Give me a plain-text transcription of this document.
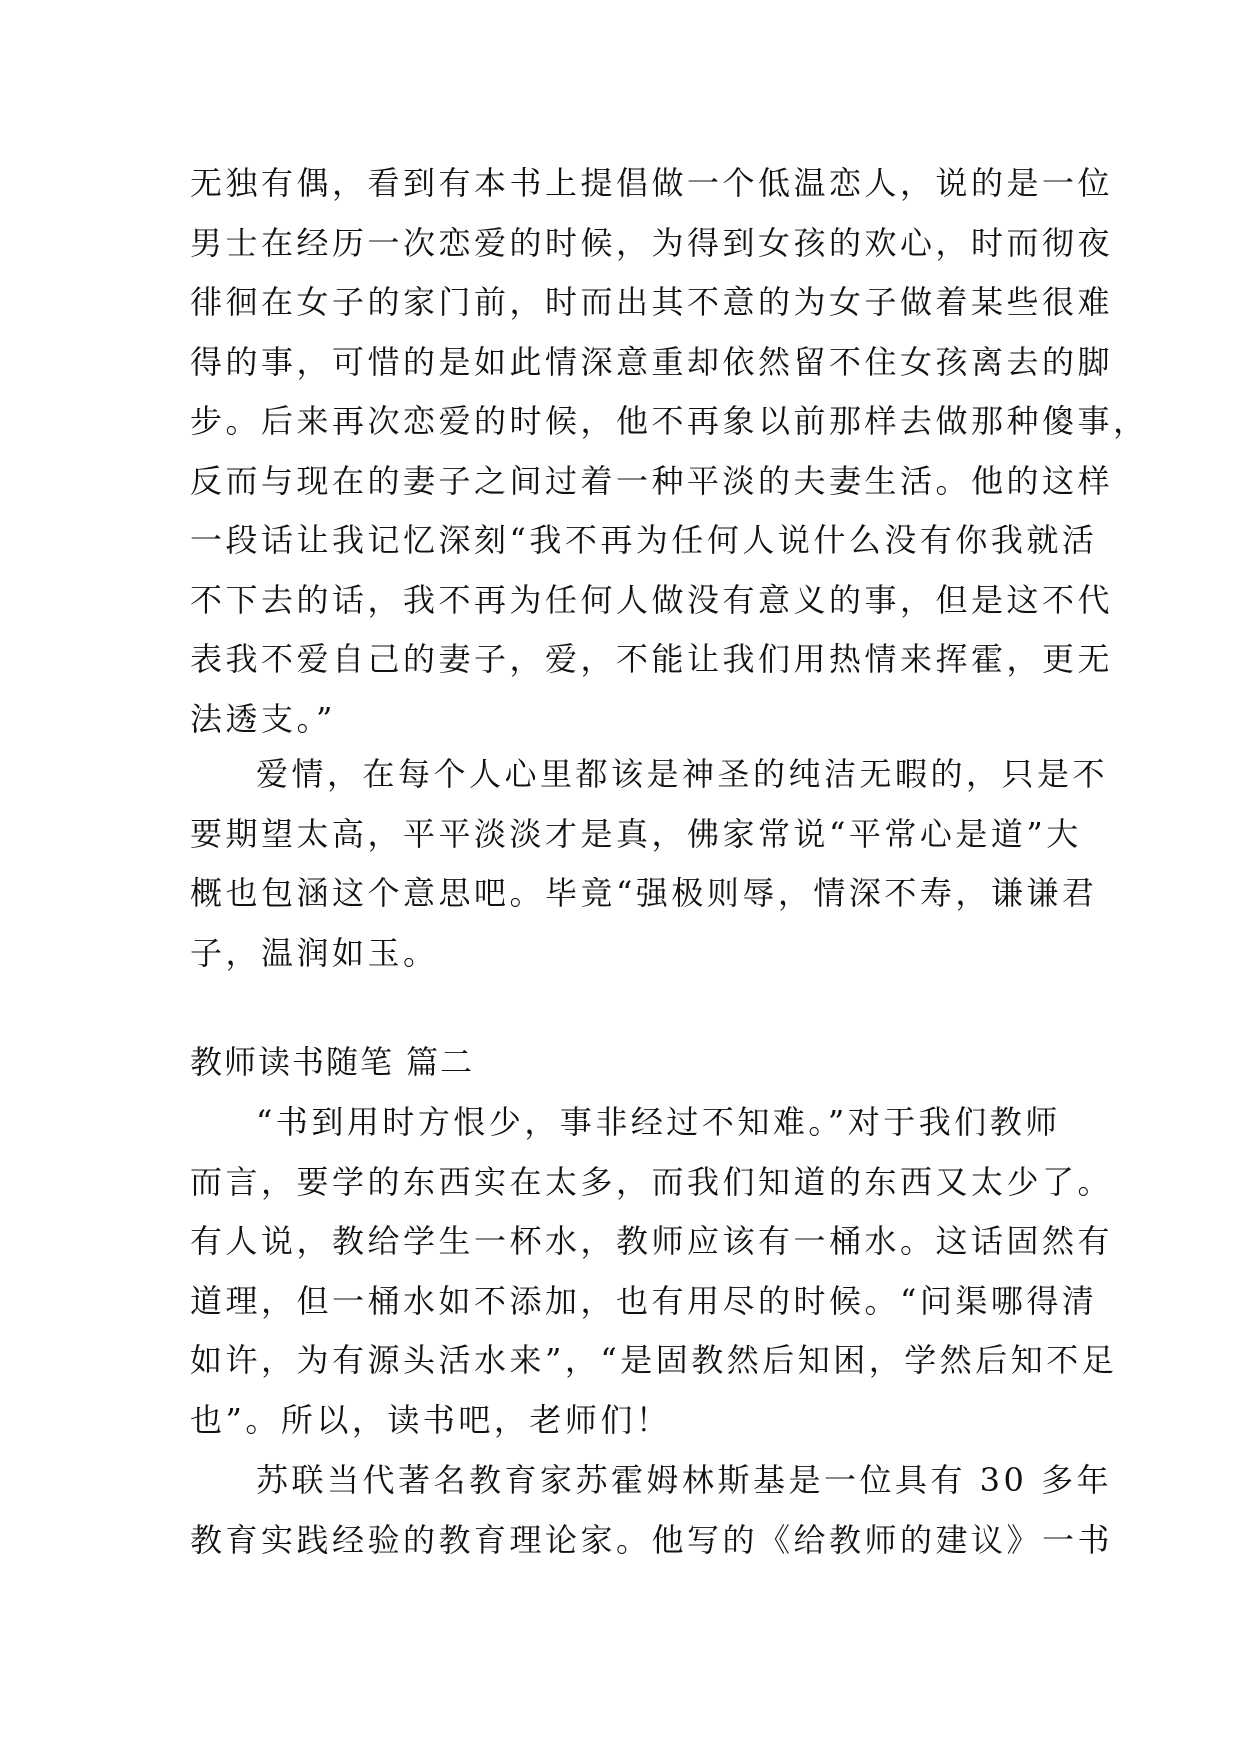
无独有偶，看到有本书上提倡做一个低温恋人，说的是一位
男士在经历一次恋爱的时候，为得到女孩的欢心，时而彻夜
徘徊在女子的家门前，时而出其不意的为女子做着某些很难
得的事，可惜的是如此情深意重却依然留不住女孩离去的脚
步。后来再次恋爱的时候，他不再象以前那样去做那种傻事，
反而与现在的妻子之间过着一种平淡的夫妻生活。他的这样
一段话让我记忆深刻“我不再为任何人说什么没有你我就活
不下去的话，我不再为任何人做没有意义的事，但是这不代
表我不爱自己的妻子，爱，不能让我们用热情来挥霍，更无
法透支。”
爱情，在每个人心里都该是神圣的纯洁无暇的，只是不
要期望太高，平平淡淡才是真，佛家常说“平常心是道”大
概也包涵这个意思吧。毕竟“强极则辱，情深不寿，谦谦君
子，温润如玉。
教师读书随笔 篇二
“书到用时方恨少，事非经过不知难。”对于我们教师
而言，要学的东西实在太多，而我们知道的东西又太少了。
有人说，教给学生一杯水，教师应该有一桶水。这话固然有
道理，但一桶水如不添加，也有用尽的时候。“问渠哪得清
如许，为有源头活水来”，“是固教然后知困，学然后知不足
也”。所以，读书吧，老师们！
苏联当代著名教育家苏霍姆林斯基是一位具有 30 多年
教育实践经验的教育理论家。他写的《给教师的建议》一书
